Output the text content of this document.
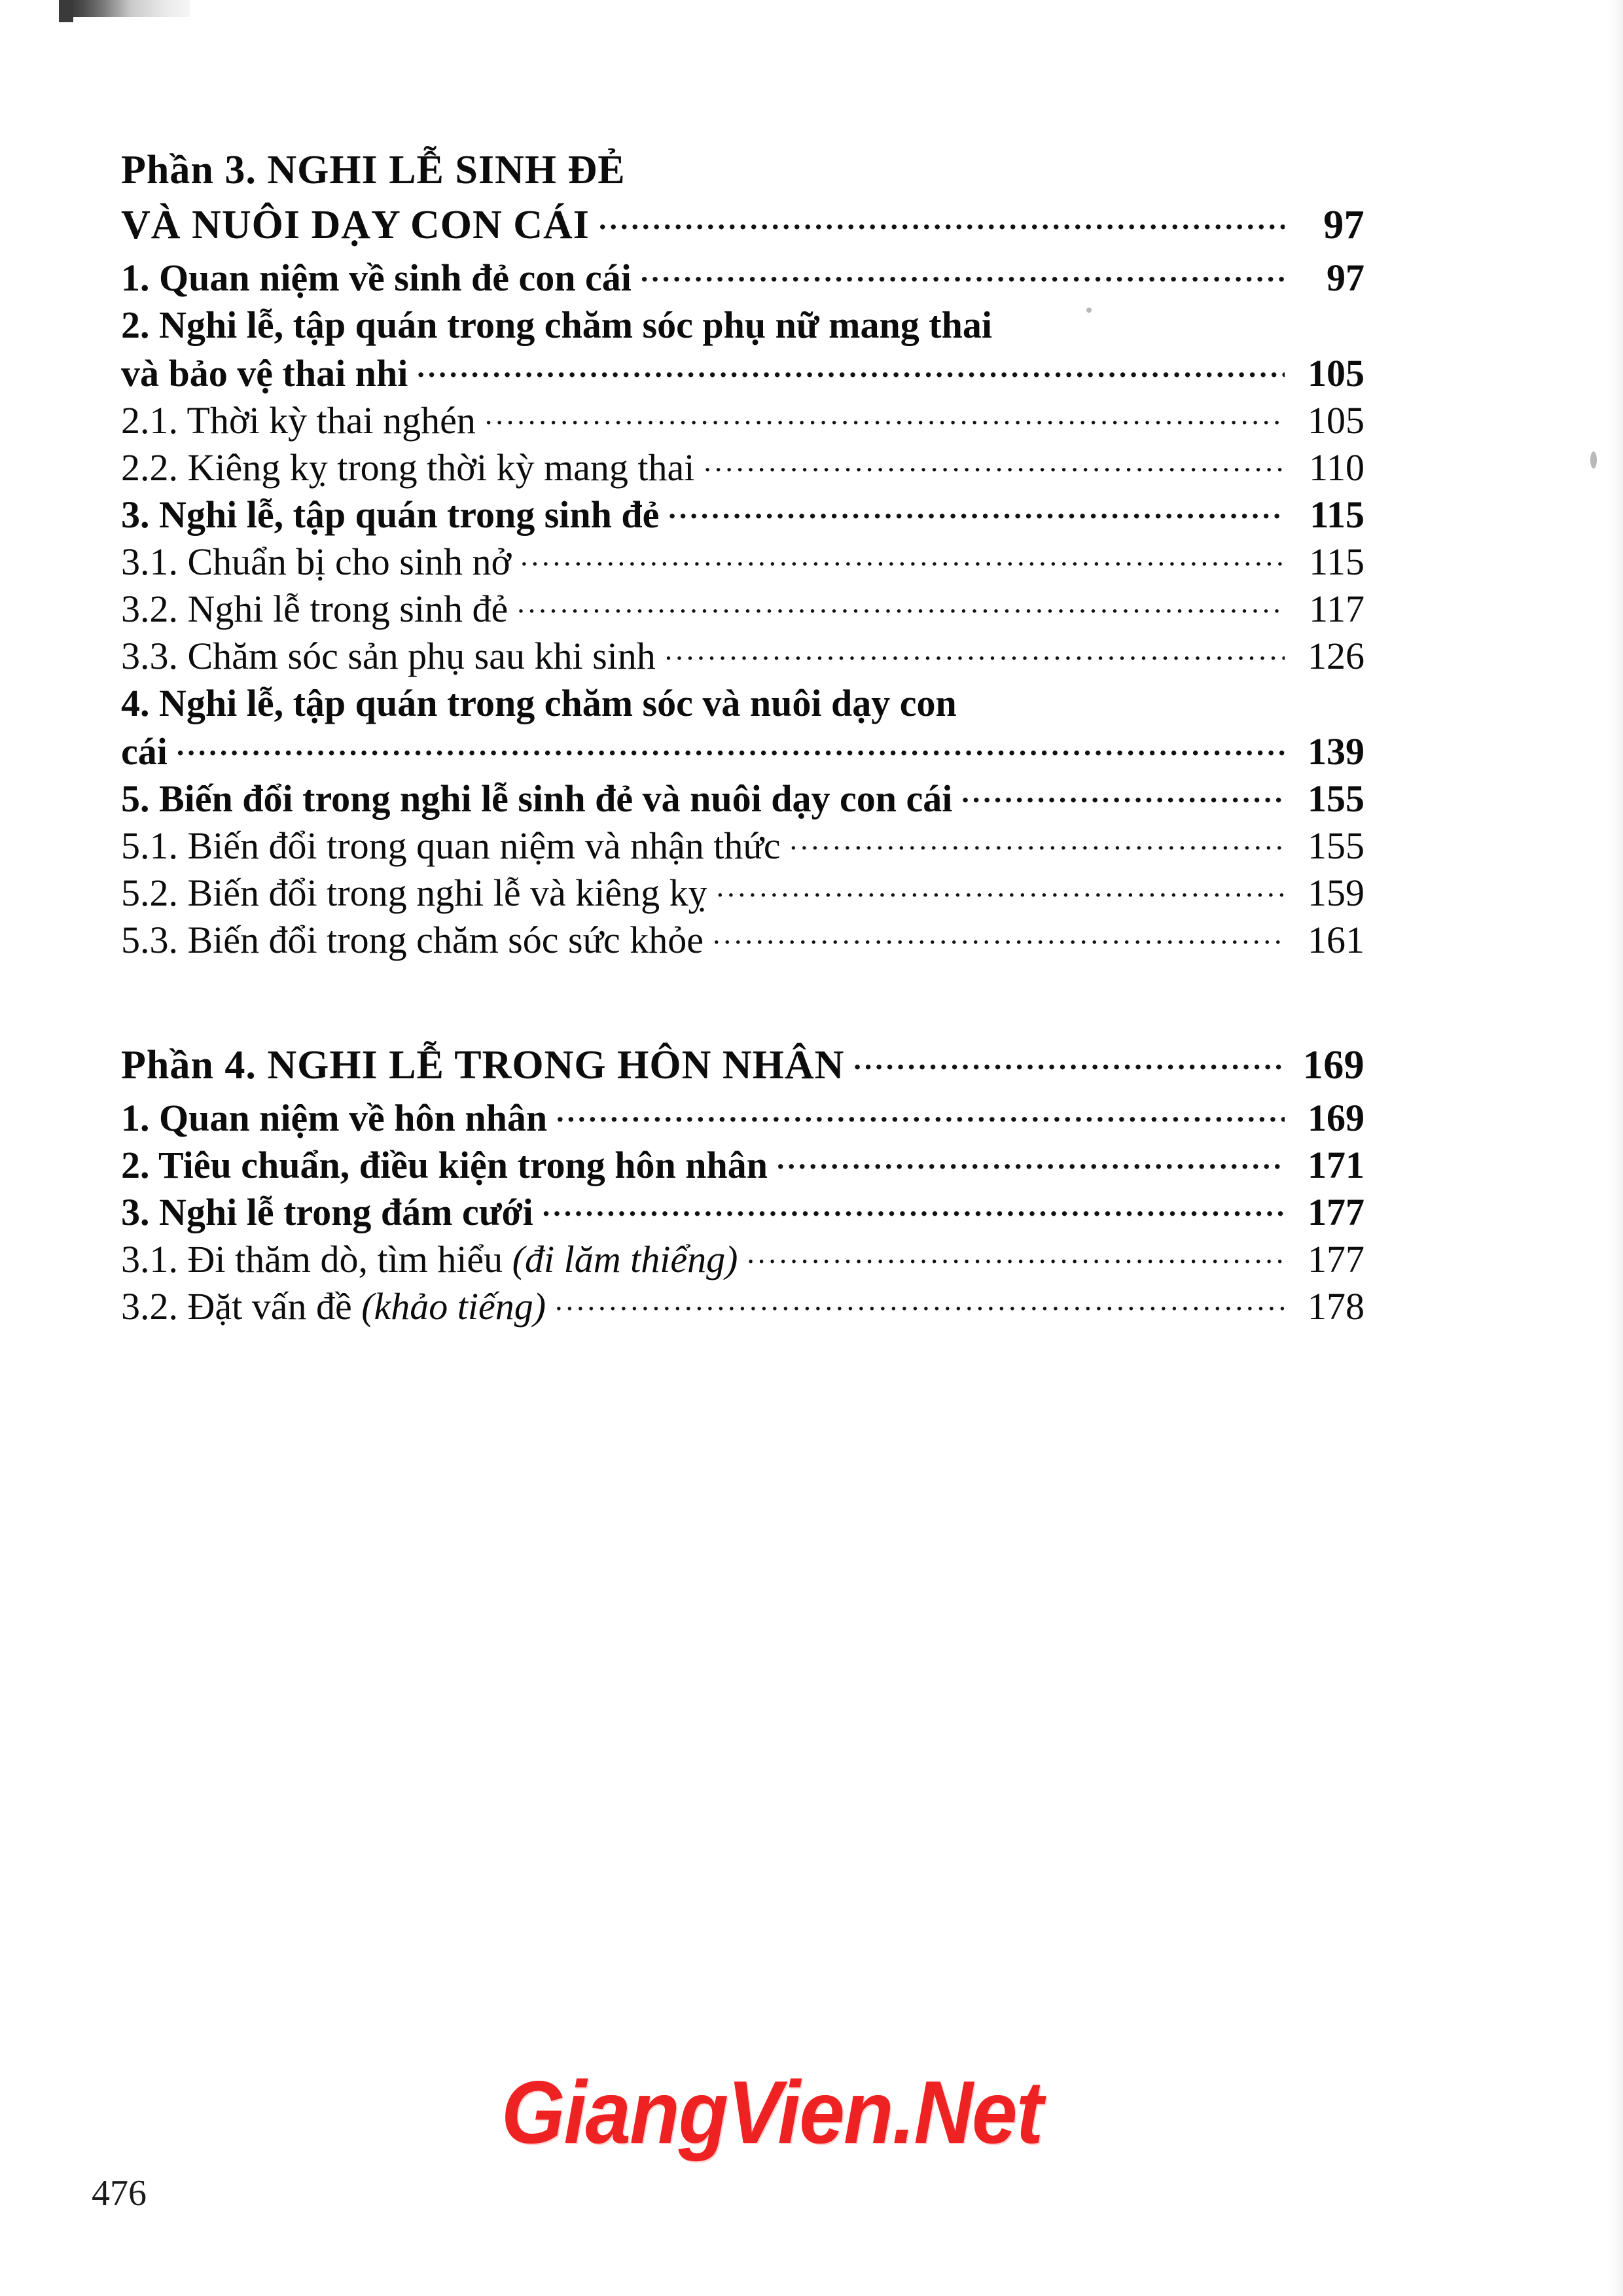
Phần 3. NGHI LỄ SINH ĐẺ
VÀ NUÔI DẠY CON CÁI .....	97
1. Quan niệm về sinh đẻ con cái .....	97
2. Nghi lễ, tập quán trong chăm sóc phụ nữ mang thai
và bảo vệ thai nhi .....	105
2.1. Thời kỳ thai nghén .....	105
2.2. Kiêng kỵ trong thời kỳ mang thai .....	110
3. Nghi lễ, tập quán trong sinh đẻ .....	115
3.1. Chuẩn bị cho sinh nở .....	115
3.2. Nghi lễ trong sinh đẻ .....	117
3.3. Chăm sóc sản phụ sau khi sinh .....	126
4. Nghi lễ, tập quán trong chăm sóc và nuôi dạy con
cái .....	139
5. Biến đổi trong nghi lễ sinh đẻ và nuôi dạy con cái .....	155
5.1. Biến đổi trong quan niệm và nhận thức .....	155
5.2. Biến đổi trong nghi lễ và kiêng kỵ .....	159
5.3. Biến đổi trong chăm sóc sức khỏe .....	161
Phần 4. NGHI LỄ TRONG HÔN NHÂN .....	169
1. Quan niệm về hôn nhân .....	169
2. Tiêu chuẩn, điều kiện trong hôn nhân .....	171
3. Nghi lễ trong đám cưới .....	177
3.1. Đi thăm dò, tìm hiểu (đi lăm thiểng) .....	177
3.2. Đặt vấn đề (khảo tiếng) .....	178
476
GiangVien.Net
